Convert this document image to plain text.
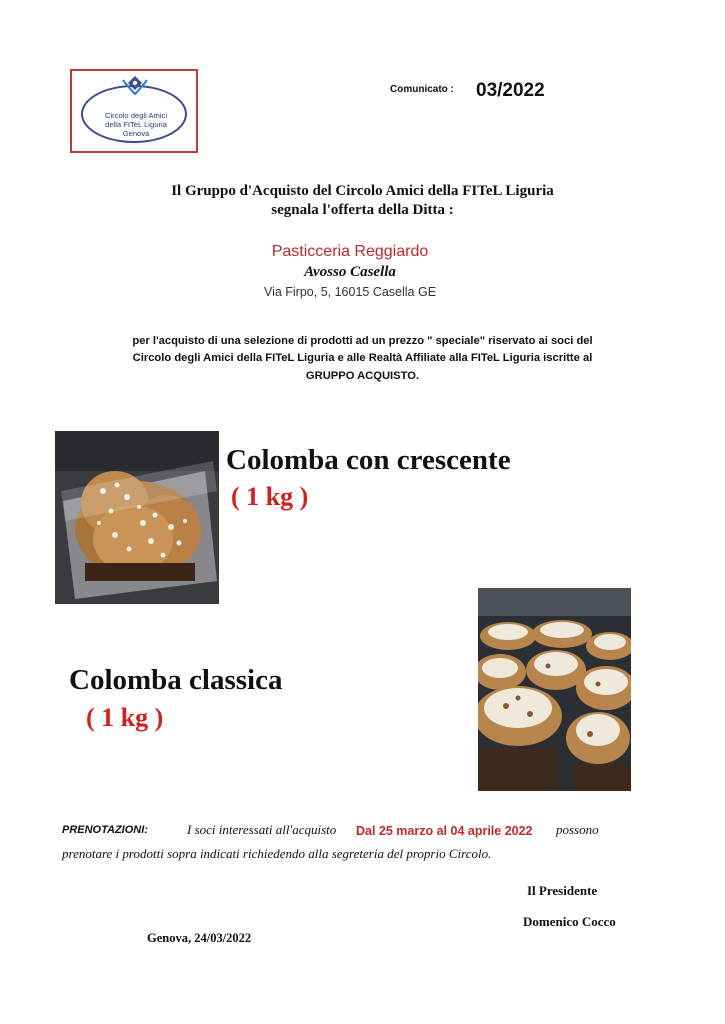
Circolo degli Amici
della FITeL Liguria
Genova
Comunicato : 03/2022
Il Gruppo d'Acquisto del Circolo Amici della FITeL Liguria
segnala l'offerta della Ditta :
Pasticceria Reggiardo
Avosso Casella
Via Firpo, 5, 16015 Casella GE
per l'acquisto di una selezione di prodotti ad un prezzo " speciale" riservato ai soci del
Circolo degli Amici della FITeL Liguria e alle Realtà Affiliate alla FITeL Liguria iscritte al
GRUPPO ACQUISTO.
Colomba con crescente
( 1 kg )
Colomba classica
( 1 kg )
PRENOTAZIONI:	I soci interessati all'acquisto Dal 25 marzo al 04 aprile 2022 possono
prenotare i prodotti sopra indicati richiedendo alla segreteria del proprio Circolo.
Il Presidente
Domenico Cocco
Genova, 24/03/2022
